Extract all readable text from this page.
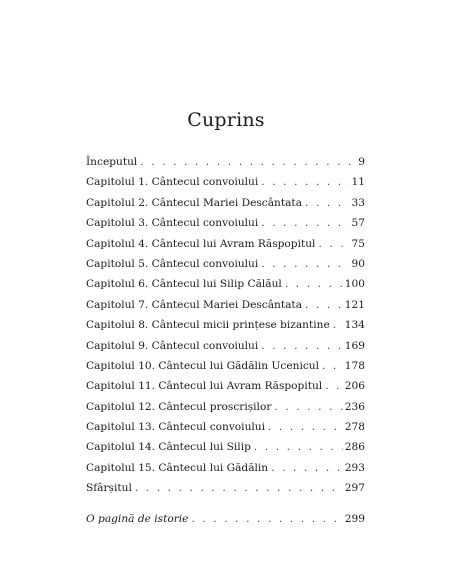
Cuprins
Începutul . . .	9
Capitolul 1. Cântecul convoiului . . .	11
Capitolul 2. Cântecul Mariei Descântata . . .	33
Capitolul 3. Cântecul convoiului . . .	57
Capitolul 4. Cântecul lui Avram Răspopitul . . .	75
Capitolul 5. Cântecul convoiului . . .	90
Capitolul 6. Cântecul lui Silip Călăul . . .	100
Capitolul 7. Cântecul Mariei Descântata . . .	121
Capitolul 8. Cântecul micii prințese bizantine . . . 134
Capitolul 9. Cântecul convoiului . . .	169
Capitolul 10. Cântecul lui Gădălin Ucenicul . . . 178
Capitolul 11. Cântecul lui Avram Răspopitul . . . 206
Capitolul 12. Cântecul proscrișilor . . .	236
Capitolul 13. Cântecul convoiului . . .	278
Capitolul 14. Cântecul lui Silip . . .	286
Capitolul 15. Cântecul lui Gădălin . . .	293
Sfârșitul . . .	297
O pagină de istorie . . .	299
